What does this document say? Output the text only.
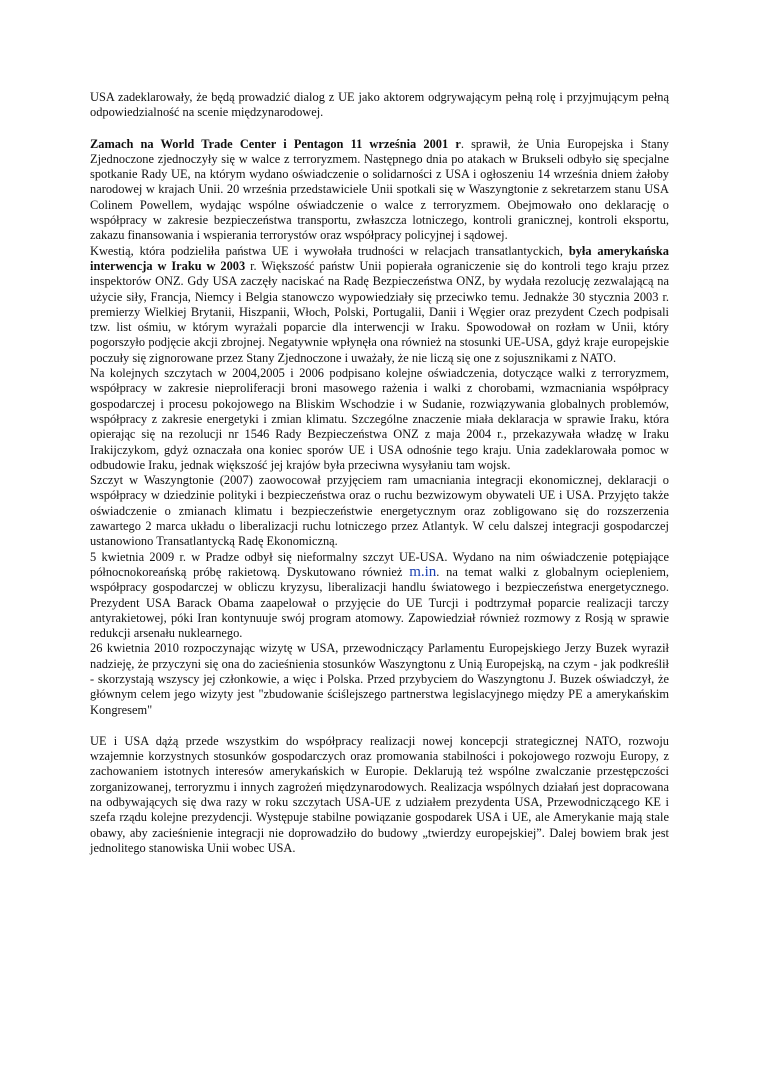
USA zadeklarowały, że będą prowadzić dialog z UE jako aktorem odgrywającym pełną rolę i przyjmującym pełną odpowiedzialność na scenie międzynarodowej.

Zamach na World Trade Center i Pentagon 11 września 2001 r. sprawił, że Unia Europejska i Stany Zjednoczone zjednoczyły się w walce z terroryzmem. Następnego dnia po atakach w Brukseli odbyło się specjalne spotkanie Rady UE, na którym wydano oświadczenie o solidarności z USA i ogłoszeniu 14 września dniem żałoby narodowej w krajach Unii. 20 września przedstawiciele Unii spotkali się w Waszyngtonie z sekretarzem stanu USA Colinem Powellem, wydając wspólne oświadczenie o walce z terroryzmem. Obejmowało ono deklarację o współpracy w zakresie bezpieczeństwa transportu, zwłaszcza lotniczego, kontroli granicznej, kontroli eksportu, zakazu finansowania i wspierania terrorystów oraz współpracy policyjnej i sądowej.

Kwestią, która podzieliła państwa UE i wywołała trudności w relacjach transatlantyckich, była amerykańska interwencja w Iraku w 2003 r. Większość państw Unii popierała ograniczenie się do kontroli tego kraju przez inspektorów ONZ. Gdy USA zaczęły naciskać na Radę Bezpieczeństwa ONZ, by wydała rezolucję zezwalającą na użycie siły, Francja, Niemcy i Belgia stanowczo wypowiedziały się przeciwko temu. Jednakże 30 stycznia 2003 r. premierzy Wielkiej Brytanii, Hiszpanii, Włoch, Polski, Portugalii, Danii i Węgier oraz prezydent Czech podpisali tzw. list ośmiu, w którym wyrażali poparcie dla interwencji w Iraku. Spowodował on rozłam w Unii, który pogorszyło podjęcie akcji zbrojnej. Negatywnie wpłynęła ona również na stosunki UE-USA, gdyż kraje europejskie poczuły się zignorowane przez Stany Zjednoczone i uważały, że nie liczą się one z sojusznikami z NATO.

Na kolejnych szczytach w 2004,2005 i 2006 podpisano kolejne oświadczenia, dotyczące walki z terroryzmem, współpracy w zakresie nieproliferacji broni masowego rażenia i walki z chorobami, wzmacniania współpracy gospodarczej i procesu pokojowego na Bliskim Wschodzie i w Sudanie, rozwiązywania globalnych problemów, współpracy z zakresie energetyki i zmian klimatu. Szczególne znaczenie miała deklaracja w sprawie Iraku, która opierając się na rezolucji nr 1546 Rady Bezpieczeństwa ONZ z maja 2004 r., przekazywała władzę w Iraku Irakijczykom, gdyż oznaczała ona koniec sporów UE i USA odnośnie tego kraju. Unia zadeklarowała pomoc w odbudowie Iraku, jednak większość jej krajów była przeciwna wysyłaniu tam wojsk.

Szczyt w Waszyngtonie (2007) zaowocował przyjęciem ram umacniania integracji ekonomicznej, deklaracji o współpracy w dziedzinie polityki i bezpieczeństwa oraz o ruchu bezwizowym obywateli UE i USA. Przyjęto także oświadczenie o zmianach klimatu i bezpieczeństwie energetycznym oraz zobligowano się do rozszerzenia zawartego 2 marca układu o liberalizacji ruchu lotniczego przez Atlantyk. W celu dalszej integracji gospodarczej ustanowiono Transatlantycką Radę Ekonomiczną.

5 kwietnia 2009 r. w Pradze odbył się nieformalny szczyt UE-USA. Wydano na nim oświadczenie potępiające północnokoreańską próbę rakietową. Dyskutowano również m.in. na temat walki z globalnym ociepleniem, współpracy gospodarczej w obliczu kryzysu, liberalizacji handlu światowego i bezpieczeństwa energetycznego. Prezydent USA Barack Obama zaapelował o przyjęcie do UE Turcji i podtrzymał poparcie realizacji tarczy antyrakietowej, póki Iran kontynuuje swój program atomowy. Zapowiedział również rozmowy z Rosją w sprawie redukcji arsenału nuklearnego.

26 kwietnia 2010 rozpoczynając wizytę w USA, przewodniczący Parlamentu Europejskiego Jerzy Buzek wyraził nadzieję, że przyczyni się ona do zacieśnienia stosunków Waszyngtonu z Unią Europejską, na czym - jak podkreślił - skorzystają wszyscy jej członkowie, a więc i Polska. Przed przybyciem do Waszyngtonu J. Buzek oświadczył, że głównym celem jego wizyty jest "zbudowanie ściślejszego partnerstwa legislacyjnego między PE a amerykańskim Kongresem"

UE i USA dążą przede wszystkim do współpracy realizacji nowej koncepcji strategicznej NATO, rozwoju wzajemnie korzystnych stosunków gospodarczych oraz promowania stabilności i pokojowego rozwoju Europy, z zachowaniem istotnych interesów amerykańskich w Europie. Deklarują też wspólne zwalczanie przestępczości zorganizowanej, terroryzmu i innych zagrożeń międzynarodowych. Realizacja wspólnych działań jest dopracowana na odbywających się dwa razy w roku szczytach USA-UE z udziałem prezydenta USA, Przewodniczącego KE i szefa rządu kolejne prezydencji. Występuje stabilne powiązanie gospodarek USA i UE, ale Amerykanie mają stale obawy, aby zacieśnienie integracji nie doprowadziło do budowy „twierdzy europejskiej”. Dalej bowiem brak jest jednolitego stanowiska Unii wobec USA.
